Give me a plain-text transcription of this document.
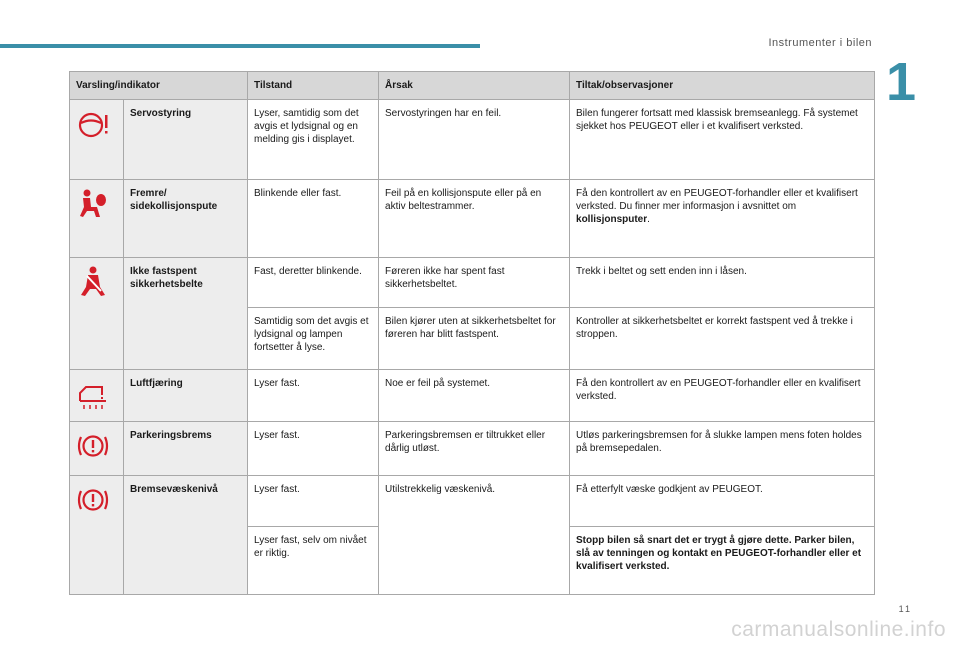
Instrumenter i bilen
1
Varsling/indikator		Tilstand	Årsak	Tiltak/observasjoner
	Servostyring	Lyser, samtidig som det avgis et lydsignal og en melding gis i displayet.	Servostyringen har en feil.	Bilen fungerer fortsatt med klassisk bremseanlegg. Få systemet sjekket hos PEUGEOT eller i et kvalifisert verksted.
	Fremre/ sidekollisjonspute	Blinkende eller fast.	Feil på en kollisjonspute eller på en aktiv beltestrammer.	Få den kontrollert av en PEUGEOT-forhandler eller et kvalifisert verksted. Du finner mer informasjon i avsnittet om kollisjonsputer.
	Ikke fastspent sikkerhetsbelte	Fast, deretter blinkende.	Føreren ikke har spent fast sikkerhetsbeltet.	Trekk i beltet og sett enden inn i låsen.
		Samtidig som det avgis et lydsignal og lampen fortsetter å lyse.	Bilen kjører uten at sikkerhetsbeltet for føreren har blitt fastspent.	Kontroller at sikkerhetsbeltet er korrekt fastspent ved å trekke i stroppen.
	Luftfjæring	Lyser fast.	Noe er feil på systemet.	Få den kontrollert av en PEUGEOT-forhandler eller en kvalifisert verksted.
	Parkeringsbrems	Lyser fast.	Parkeringsbremsen er tiltrukket eller dårlig utløst.	Utløs parkeringsbremsen for å slukke lampen mens foten holdes på bremsepedalen.
	Bremsevæskenivå	Lyser fast.	Utilstrekkelig væskenivå.	Få etterfylt væske godkjent av PEUGEOT.
		Lyser fast, selv om nivået er riktig.		Stopp bilen så snart det er trygt å gjøre dette. Parker bilen, slå av tenningen og kontakt en PEUGEOT-forhandler eller et kvalifisert verksted.
11
carmanualsonline.info
